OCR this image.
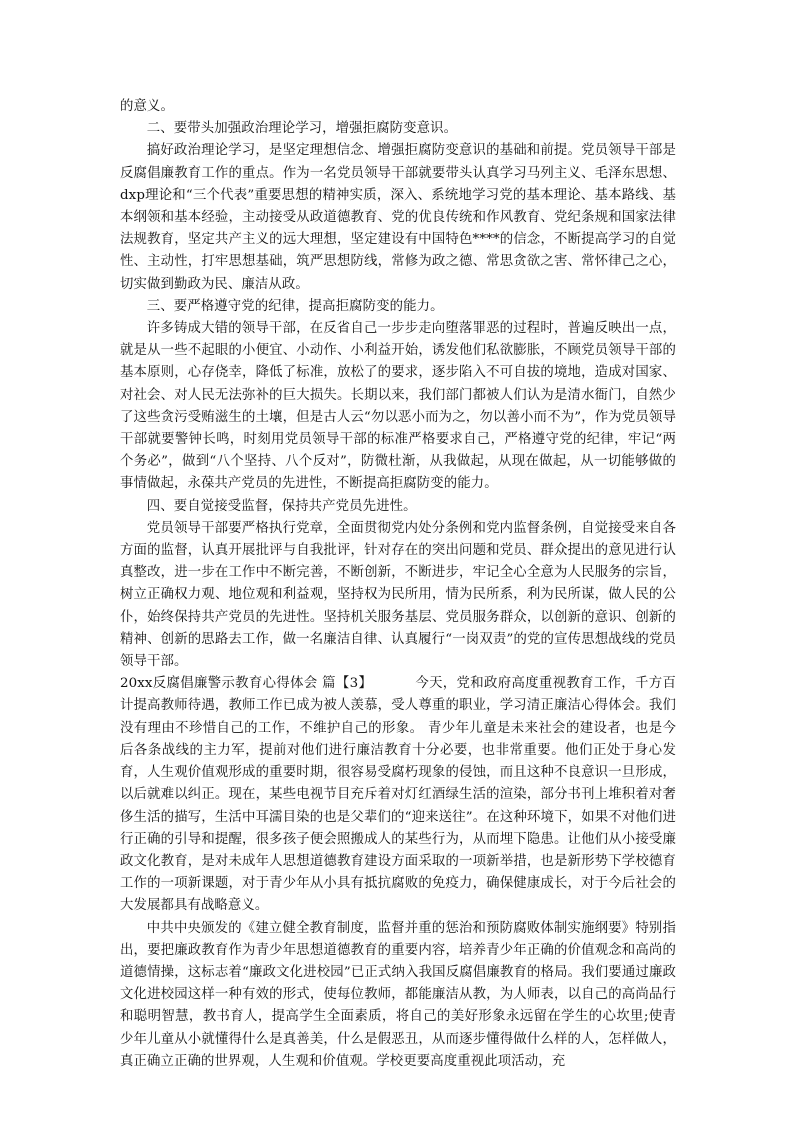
的意义。

二、要带头加强政治理论学习，增强拒腐防变意识。

搞好政治理论学习，是坚定理想信念、增强拒腐防变意识的基础和前提。党员领导干部是反腐倡廉教育工作的重点。作为一名党员领导干部就要带头认真学习马列主义、毛泽东思想、dxp理论和“三个代表”重要思想的精神实质，深入、系统地学习党的基本理论、基本路线、基本纲领和基本经验，主动接受从政道德教育、党的优良传统和作风教育、党纪条规和国家法律法规教育，坚定共产主义的远大理想，坚定建设有中国特色****的信念，不断提高学习的自觉性、主动性，打牢思想基础，筑严思想防线，常修为政之德、常思贪欲之害、常怀律己之心，切实做到勤政为民、廉洁从政。

三、要严格遵守党的纪律，提高拒腐防变的能力。

许多铸成大错的领导干部，在反省自己一步步走向堕落罪恶的过程时，普遍反映出一点，就是从一些不起眼的小便宜、小动作、小利益开始，诱发他们私欲膨胀，不顾党员领导干部的基本原则，心存侥幸，降低了标准，放松了的要求，逐步陷入不可自拔的境地，造成对国家、对社会、对人民无法弥补的巨大损失。长期以来，我们部门都被人们认为是清水衙门，自然少了这些贪污受贿滋生的土壤，但是古人云“勿以恶小而为之，勿以善小而不为”，作为党员领导干部就要警钟长鸣，时刻用党员领导干部的标准严格要求自己，严格遵守党的纪律，牢记“两个务必”，做到“八个坚持、八个反对”，防微杜渐，从我做起，从现在做起，从一切能够做的事情做起，永葆共产党员的先进性，不断提高拒腐防变的能力。

四、要自觉接受监督，保持共产党员先进性。

党员领导干部要严格执行党章，全面贯彻党内处分条例和党内监督条例，自觉接受来自各方面的监督，认真开展批评与自我批评，针对存在的突出问题和党员、群众提出的意见进行认真整改，进一步在工作中不断完善，不断创新，不断进步，牢记全心全意为人民服务的宗旨，树立正确权力观、地位观和利益观，坚持权为民所用，情为民所系，利为民所谋，做人民的公仆，始终保持共产党员的先进性。坚持机关服务基层、党员服务群众，以创新的意识、创新的精神、创新的思路去工作，做一名廉洁自律、认真履行“一岗双责”的党的宣传思想战线的党员领导干部。

20xx反腐倡廉警示教育心得体会 篇【3】	今天，党和政府高度重视教育工作，千方百计提高教师待遇，教师工作已成为被人羡慕，受人尊重的职业，学习清正廉洁心得体会。我们没有理由不珍惜自己的工作，不维护自己的形象。 青少年儿童是未来社会的建设者，也是今后各条战线的主力军，提前对他们进行廉洁教育十分必要，也非常重要。他们正处于身心发育，人生观价值观形成的重要时期，很容易受腐朽现象的侵蚀，而且这种不良意识一旦形成，以后就难以纠正。现在，某些电视节目充斥着对灯红酒绿生活的渲染，部分书刊上堆积着对奢侈生活的描写，生活中耳濡目染的也是父辈们的“迎来送往”。在这种环境下，如果不对他们进行正确的引导和提醒，很多孩子便会照搬成人的某些行为，从而埋下隐患。让他们从小接受廉政文化教育，是对未成年人思想道德教育建设方面采取的一项新举措，也是新形势下学校德育工作的一项新课题，对于青少年从小具有抵抗腐败的免疫力，确保健康成长，对于今后社会的大发展都具有战略意义。

中共中央颁发的《建立健全教育制度，监督并重的惩治和预防腐败体制实施纲要》特别指出，要把廉政教育作为青少年思想道德教育的重要内容，培养青少年正确的价值观念和高尚的道德情操，这标志着“廉政文化进校园”已正式纳入我国反腐倡廉教育的格局。我们要通过廉政文化进校园这样一种有效的形式，使每位教师，都能廉洁从教，为人师表，以自己的高尚品行和聪明智慧，教书育人，提高学生全面素质，将自己的美好形象永远留在学生的心坎里;使青少年儿童从小就懂得什么是真善美，什么是假恶丑，从而逐步懂得做什么样的人，怎样做人，真正确立正确的世界观，人生观和价值观。学校更要高度重视此项活动，充
